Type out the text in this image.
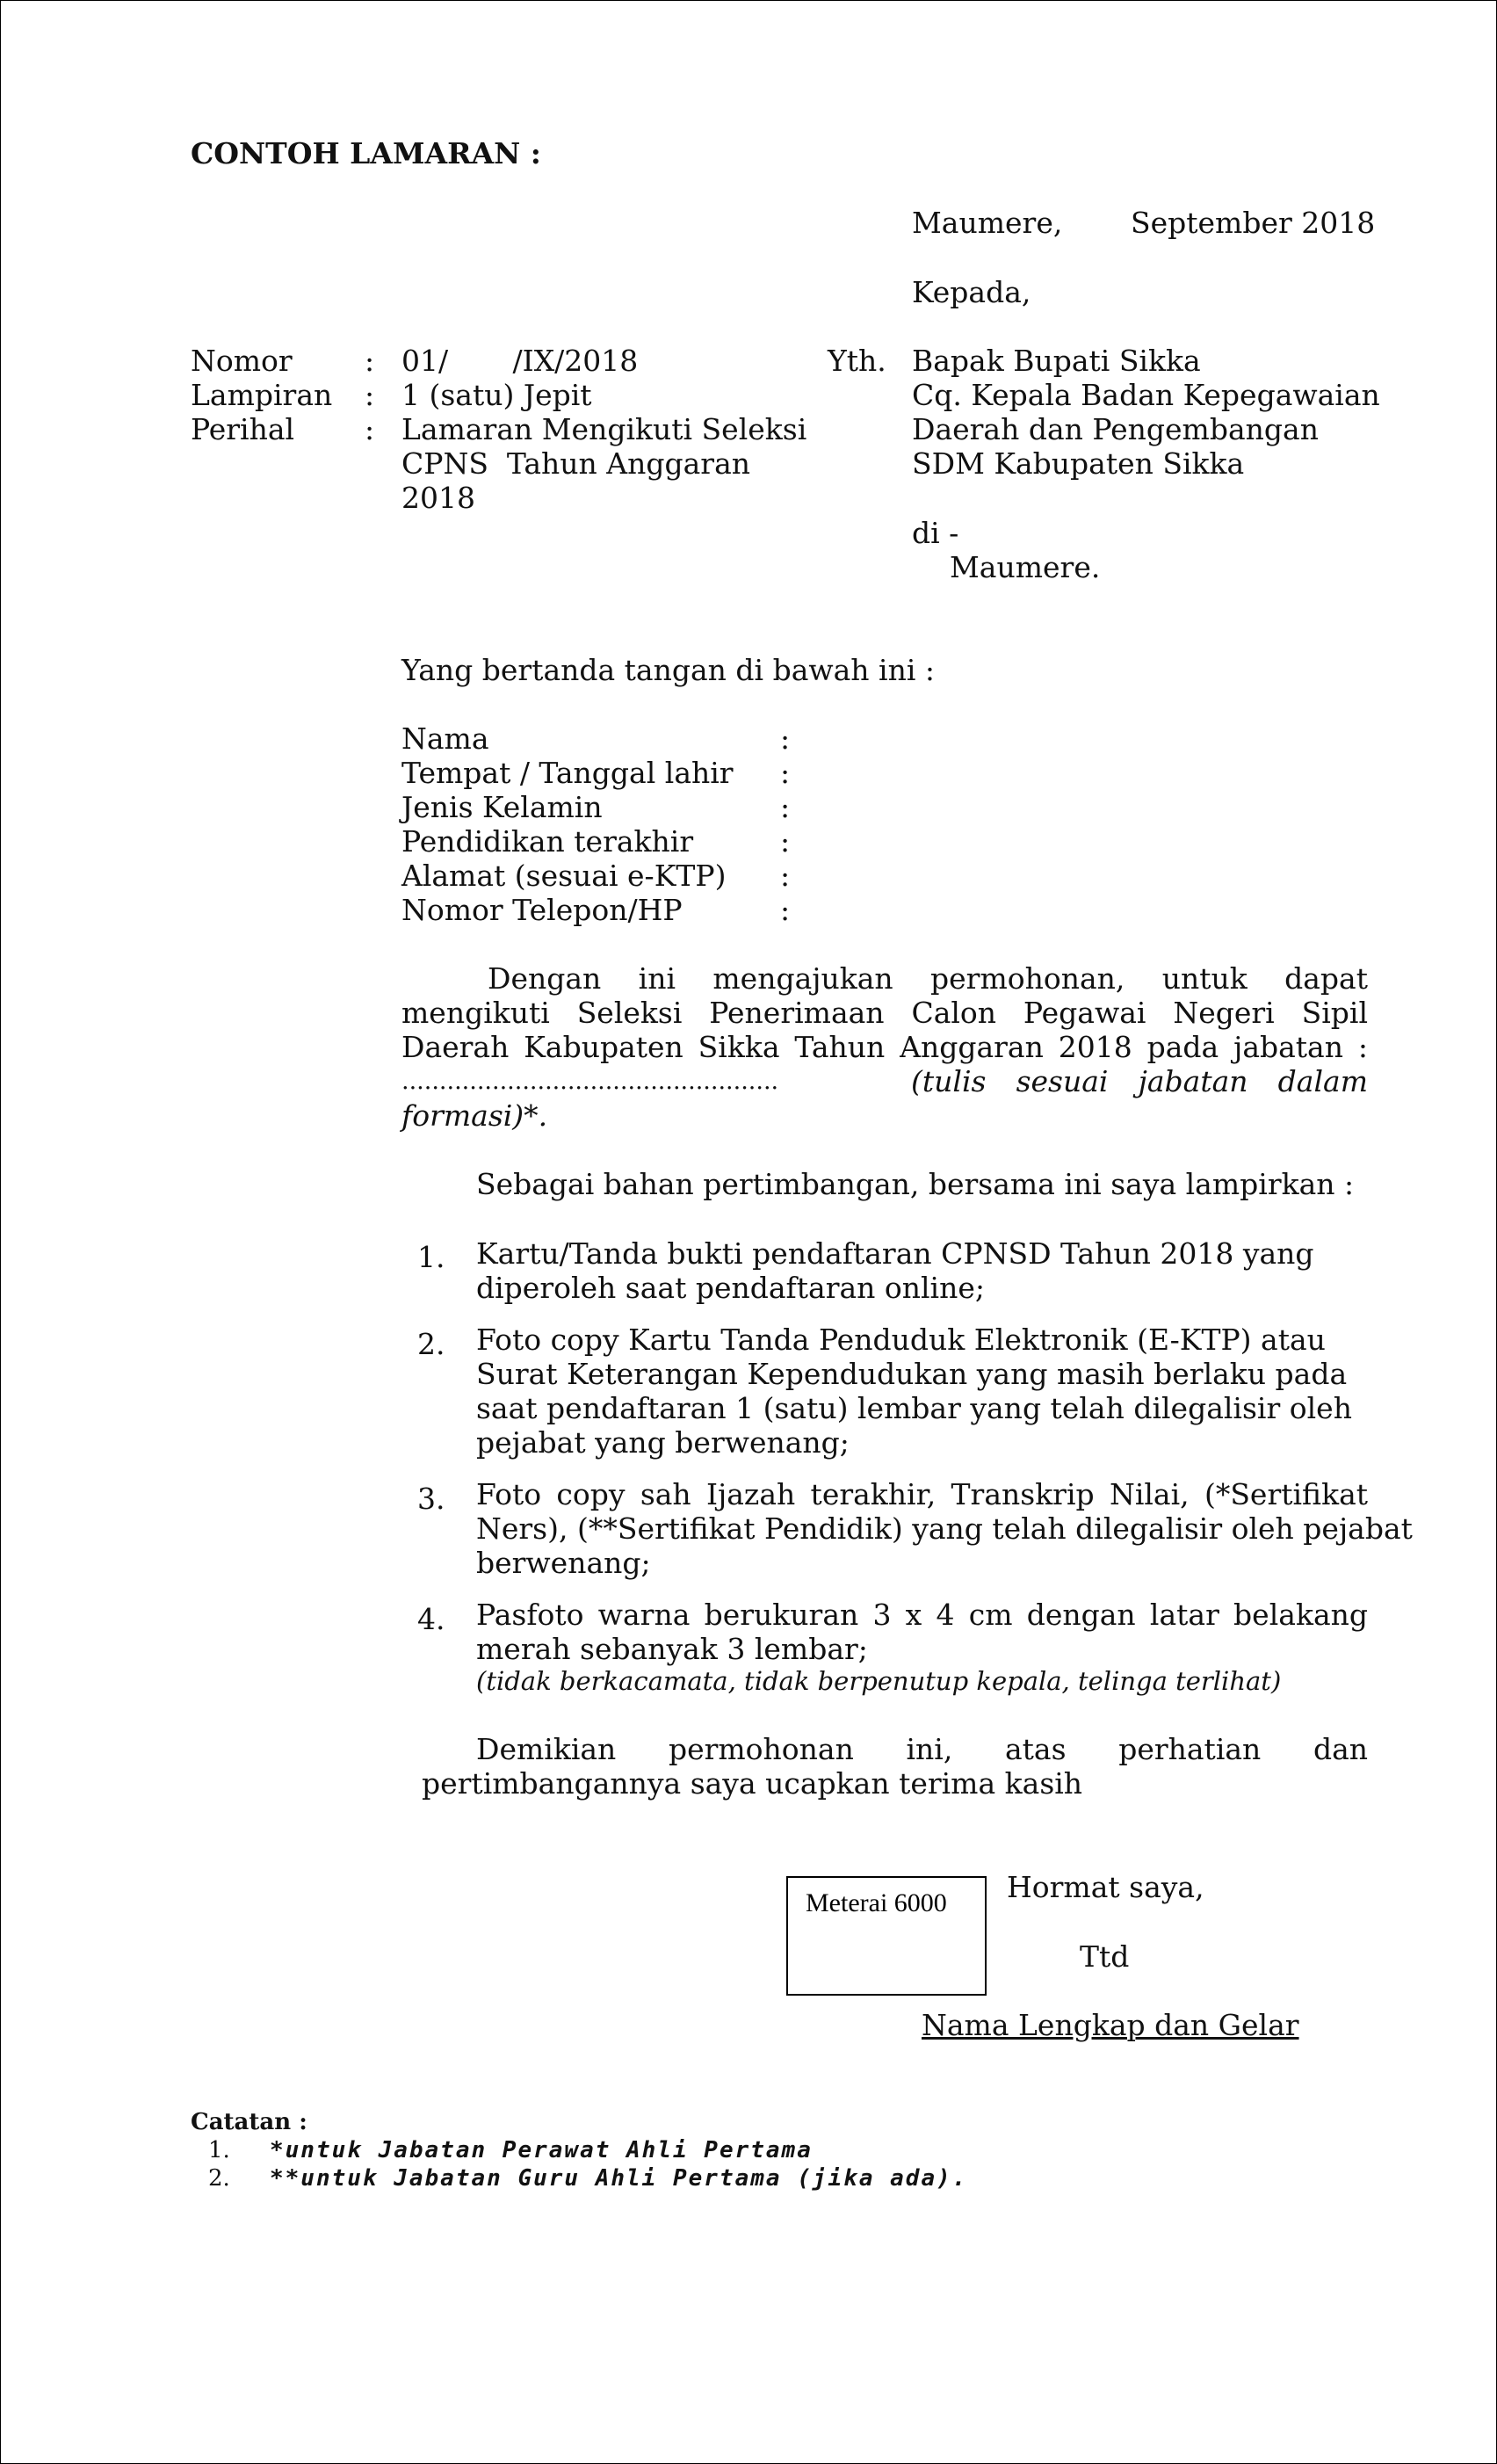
CONTOH LAMARAN :
Maumere, September 2018
Kepada,
Yth. Bapak Bupati Sikka
Cq. Kepala Badan Kepegawaian
Daerah dan Pengembangan
SDM Kabupaten Sikka
di -
Maumere.
Nomor : 01/       /IX/2018
Lampiran : 1 (satu) Jepit
Perihal : Lamaran Mengikuti Seleksi
CPNS  Tahun Anggaran
2018
Yang bertanda tangan di bawah ini :
Nama	:
Tempat / Tanggal lahir :
Jenis Kelamin	:
Pendidikan terakhir	:
Alamat (sesuai e-KTP) :
Nomor Telepon/HP	:
Dengan ini mengajukan permohonan, untuk dapat
mengikuti Seleksi Penerimaan Calon Pegawai Negeri Sipil
Daerah Kabupaten Sikka Tahun Anggaran 2018 pada jabatan :
..................................................	(tulis sesuai jabatan dalam
formasi)*.
Sebagai bahan pertimbangan, bersama ini saya lampirkan :
1. Kartu/Tanda bukti pendaftaran CPNSD Tahun 2018 yang
diperoleh saat pendaftaran online;
2. Foto copy Kartu Tanda Penduduk Elektronik (E-KTP) atau
Surat Keterangan Kependudukan yang masih berlaku pada
saat pendaftaran 1 (satu) lembar yang telah dilegalisir oleh
pejabat yang berwenang;
3. Foto copy sah Ijazah terakhir, Transkrip Nilai, (*Sertifikat
Ners), (**Sertifikat Pendidik) yang telah dilegalisir oleh pejabat
berwenang;
4. Pasfoto warna berukuran 3 x 4 cm dengan latar belakang
merah sebanyak 3 lembar;
(tidak berkacamata, tidak berpenutup kepala, telinga terlihat)
Demikian permohonan ini, atas perhatian dan
pertimbangannya saya ucapkan terima kasih
Meterai 6000 Hormat saya,
Ttd
Nama Lengkap dan Gelar
Catatan :
1. *untuk Jabatan Perawat Ahli Pertama
2. **untuk Jabatan Guru Ahli Pertama (jika ada).
